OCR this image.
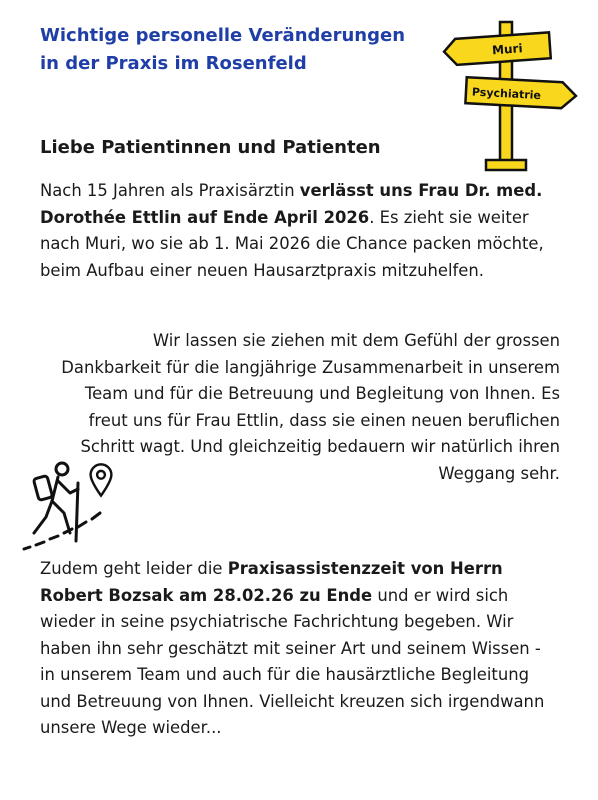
Wichtige personelle Veränderungen
in der Praxis im Rosenfeld
Muri
Psychiatrie
Liebe Patientinnen und Patienten
Nach 15 Jahren als Praxisärztin verlässt uns Frau Dr. med. Dorothée Ettlin auf Ende April 2026. Es zieht sie weiter nach Muri, wo sie ab 1. Mai 2026 die Chance packen möchte, beim Aufbau einer neuen Hausarztpraxis mitzuhelfen.
Wir lassen sie ziehen mit dem Gefühl der grossen Dankbarkeit für die langjährige Zusammenarbeit in unserem Team und für die Betreuung und Begleitung von Ihnen. Es freut uns für Frau Ettlin, dass sie einen neuen beruflichen Schritt wagt. Und gleichzeitig bedauern wir natürlich ihren Weggang sehr.
Zudem geht leider die Praxisassistenzzeit von Herrn Robert Bozsak am 28.02.26 zu Ende und er wird sich wieder in seine psychiatrische Fachrichtung begeben. Wir haben ihn sehr geschätzt mit seiner Art und seinem Wissen - in unserem Team und auch für die hausärztliche Begleitung und Betreuung von Ihnen. Vielleicht kreuzen sich irgendwann unsere Wege wieder...
